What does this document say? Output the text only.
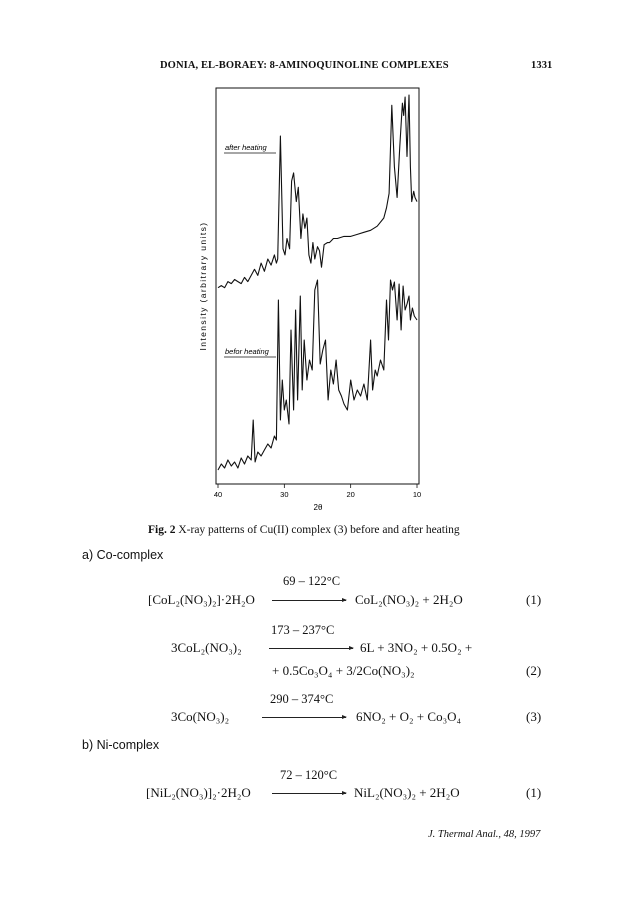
DONIA, EL-BORAEY: 8-AMINOQUINOLINE COMPLEXES	1331
40	30	20	10
2θ
Intensity (arbitrary units)
after heating
befor heating
Fig. 2 X-ray patterns of Cu(II) complex (3) before and after heating
a) Co-complex
69 – 122°C
[CoL₂(NO₃)₂]·2H₂O	CoL₂(NO₃)₂ + 2H₂O	(1)
173 – 237°C
3CoL₂(NO₃)₂	6L + 3NO₂ + 0.5O₂ +
+ 0.5Co₃O₄ + 3/2Co(NO₃)₂	(2)
290 – 374°C
3Co(NO₃)₂	6NO₂ + O₂ + Co₃O₄	(3)
b) Ni-complex
72 – 120°C
[NiL₂(NO₃)]₂·2H₂O	NiL₂(NO₃)₂ + 2H₂O	(1)
J. Thermal Anal., 48, 1997
